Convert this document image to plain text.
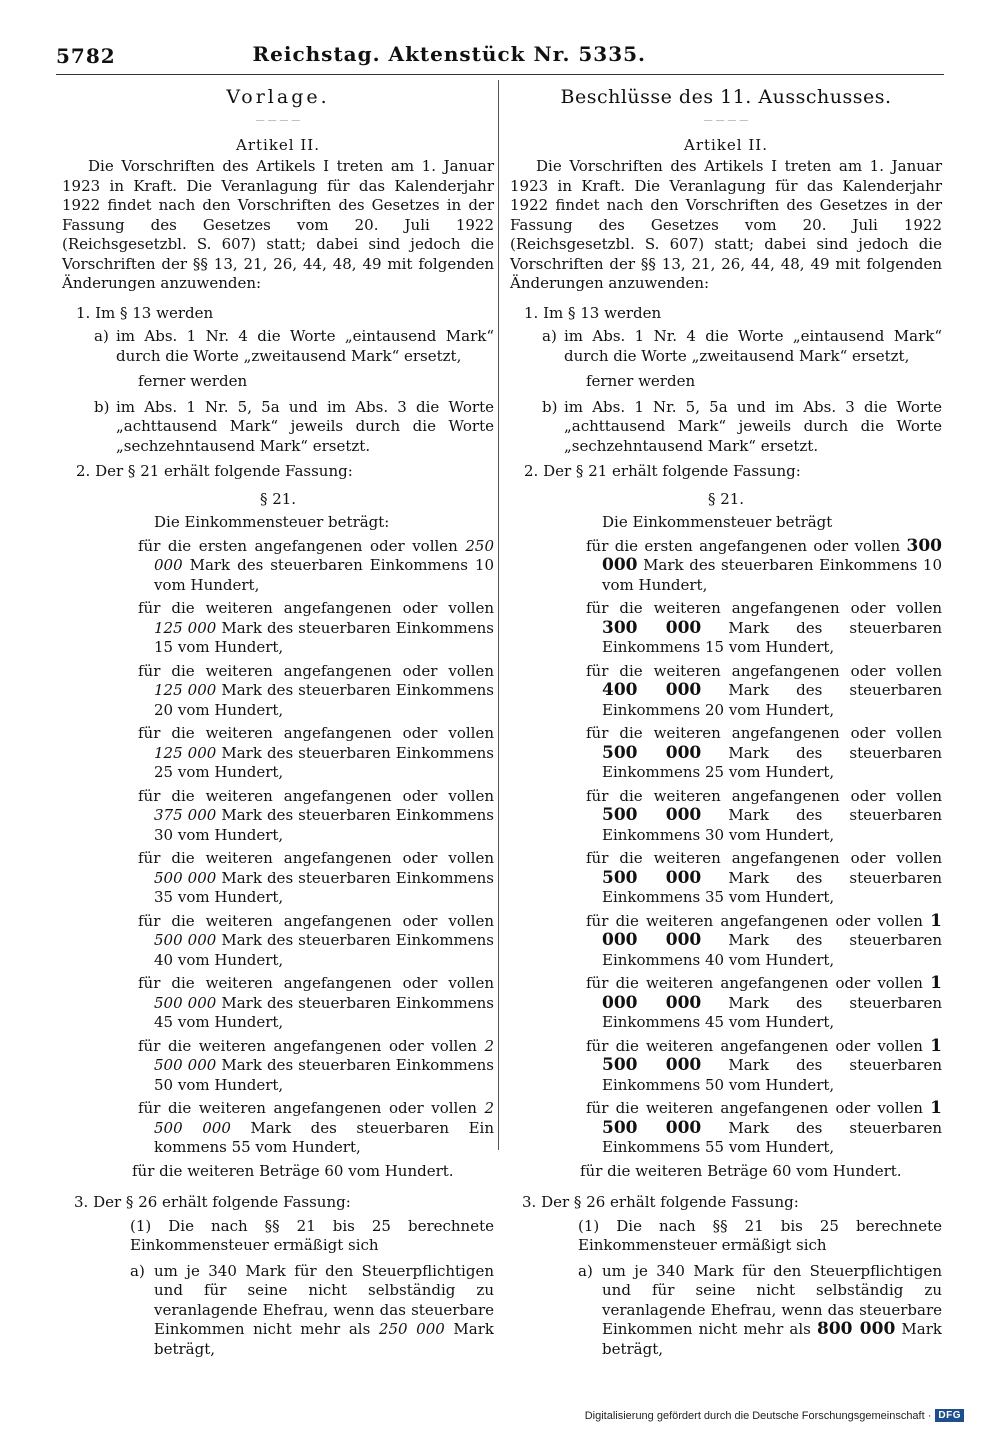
5782	Reichstag. Aktenstück Nr. 5335.
Vorlage.
— — — —
Artikel II.

Die Vorschriften des Artikels I treten am 1. Januar 1923 in Kraft. Die Veranlagung für das Kalenderjahr 1922 findet nach den Vorschriften des Gesetzes in der Fassung des Gesetzes vom 20. Juli 1922 (Reichsgesetzbl. S. 607) statt; dabei sind jedoch die Vorschriften der §§ 13, 21, 26, 44, 48, 49 mit folgenden Änderungen anzuwenden:

1. Im § 13 werden
a) im Abs. 1 Nr. 4 die Worte „eintausend Mark“ durch die Worte „zweitausend Mark“ ersetzt,
ferner werden
b) im Abs. 1 Nr. 5, 5a und im Abs. 3 die Worte „achttausend Mark“ jeweils durch die Worte „sechzehntausend Mark“ ersetzt.
2. Der § 21 erhält folgende Fassung:
§ 21.
Die Einkommensteuer beträgt:
für die ersten angefangenen oder vollen 250 000 Mark des steuerbaren Einkommens 10 vom Hundert,
für die weiteren angefangenen oder vollen 125 000 Mark des steuerbaren Einkommens 15 vom Hundert,
für die weiteren angefangenen oder vollen 125 000 Mark des steuerbaren Einkommens 20 vom Hundert,
für die weiteren angefangenen oder vollen 125 000 Mark des steuerbaren Einkommens 25 vom Hundert,
für die weiteren angefangenen oder vollen 375 000 Mark des steuerbaren Einkommens 30 vom Hundert,
für die weiteren angefangenen oder vollen 500 000 Mark des steuerbaren Einkommens 35 vom Hundert,
für die weiteren angefangenen oder vollen 500 000 Mark des steuerbaren Einkommens 40 vom Hundert,
für die weiteren angefangenen oder vollen 500 000 Mark des steuerbaren Einkommens 45 vom Hundert,
für die weiteren angefangenen oder vollen 2 500 000 Mark des steuerbaren Einkommens 50 vom Hundert,
für die weiteren angefangenen oder vollen 2 500 000 Mark des steuerbaren Ein kommens 55 vom Hundert,
für die weiteren Beträge 60 vom Hundert.
3. Der § 26 erhält folgende Fassung:
(1) Die nach §§ 21 bis 25 berechnete Einkommensteuer ermäßigt sich
a) um je 340 Mark für den Steuerpflichtigen und für seine nicht selbständig zu veranlagende Ehefrau, wenn das steuerbare Einkommen nicht mehr als 250 000 Mark beträgt,
Beschlüsse des 11. Ausschusses.
— — — —
Artikel II.

Die Vorschriften des Artikels I treten am 1. Januar 1923 in Kraft. Die Veranlagung für das Kalenderjahr 1922 findet nach den Vorschriften des Gesetzes in der Fassung des Gesetzes vom 20. Juli 1922 (Reichsgesetzbl. S. 607) statt; dabei sind jedoch die Vorschriften der §§ 13, 21, 26, 44, 48, 49 mit folgenden Änderungen anzuwenden:

1. Im § 13 werden
a) im Abs. 1 Nr. 4 die Worte „eintausend Mark“ durch die Worte „zweitausend Mark“ ersetzt,
ferner werden
b) im Abs. 1 Nr. 5, 5a und im Abs. 3 die Worte „achttausend Mark“ jeweils durch die Worte „sechzehntausend Mark“ ersetzt.
2. Der § 21 erhält folgende Fassung:
§ 21.
Die Einkommensteuer beträgt
für die ersten angefangenen oder vollen 300 000 Mark des steuerbaren Einkommens 10 vom Hundert,
für die weiteren angefangenen oder vollen 300 000 Mark des steuerbaren Einkommens 15 vom Hundert,
für die weiteren angefangenen oder vollen 400 000 Mark des steuerbaren Einkommens 20 vom Hundert,
für die weiteren angefangenen oder vollen 500 000 Mark des steuerbaren Einkommens 25 vom Hundert,
für die weiteren angefangenen oder vollen 500 000 Mark des steuerbaren Einkommens 30 vom Hundert,
für die weiteren angefangenen oder vollen 500 000 Mark des steuerbaren Einkommens 35 vom Hundert,
für die weiteren angefangenen oder vollen 1 000 000 Mark des steuerbaren Einkommens 40 vom Hundert,
für die weiteren angefangenen oder vollen 1 000 000 Mark des steuerbaren Einkommens 45 vom Hundert,
für die weiteren angefangenen oder vollen 1 500 000 Mark des steuerbaren Einkommens 50 vom Hundert,
für die weiteren angefangenen oder vollen 1 500 000 Mark des steuerbaren Einkommens 55 vom Hundert,
für die weiteren Beträge 60 vom Hundert.
3. Der § 26 erhält folgende Fassung:
(1) Die nach §§ 21 bis 25 berechnete Einkommensteuer ermäßigt sich
a) um je 340 Mark für den Steuerpflichtigen und für seine nicht selbständig zu veranlagende Ehefrau, wenn das steuerbare Einkommen nicht mehr als 800 000 Mark beträgt,
Digitalisierung gefördert durch die Deutsche Forschungsgemeinschaft · DFG
